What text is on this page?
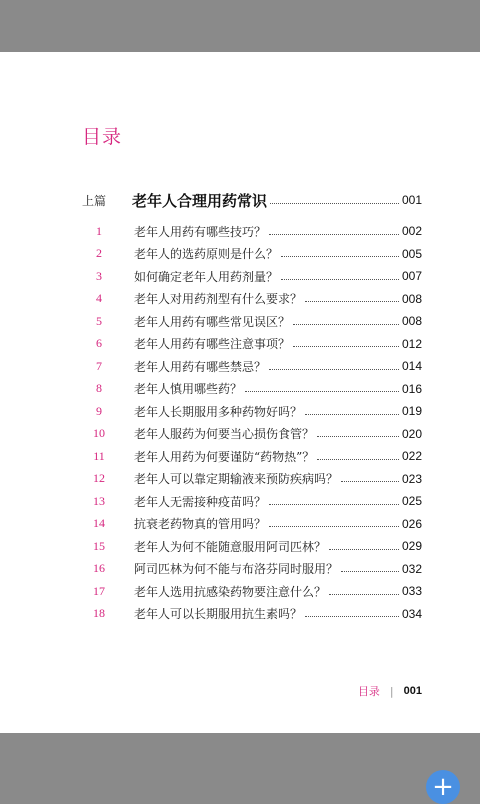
目录
上篇	老年人合理用药常识	001
1	老年人用药有哪些技巧？	002
2	老年人的选药原则是什么？	005
3	如何确定老年人用药剂量？	007
4	老年人对用药剂型有什么要求？	008
5	老年人用药有哪些常见误区？	008
6	老年人用药有哪些注意事项？	012
7	老年人用药有哪些禁忌？	014
8	老年人慎用哪些药？	016
9	老年人长期服用多种药物好吗？	019
10	老年人服药为何要当心损伤食管？	020
11	老年人用药为何要谨防“药物热”？	022
12	老年人可以靠定期输液来预防疾病吗？	023
13	老年人无需接种疫苗吗？	025
14	抗衰老药物真的管用吗？	026
15	老年人为何不能随意服用阿司匹林？	029
16	阿司匹林为何不能与布洛芬同时服用？	032
17	老年人选用抗感染药物要注意什么？	033
18	老年人可以长期服用抗生素吗？	034
目录 | 001
+
